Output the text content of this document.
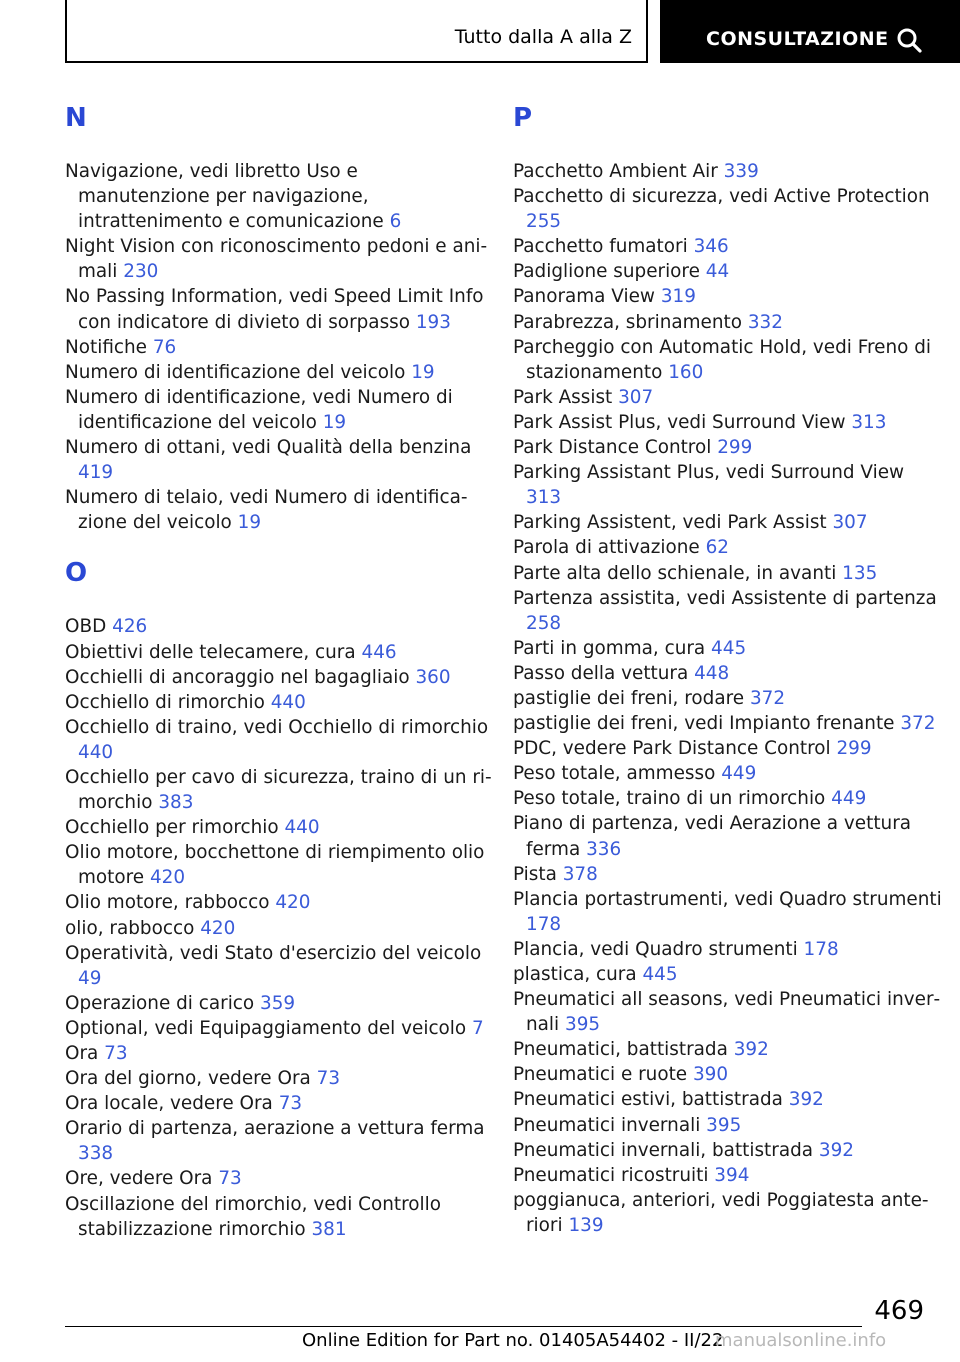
Tutto dalla A alla Z	CONSULTAZIONE
N
Navigazione, vedi libretto Uso e manutenzione per navigazione, intrattenimento e comunicazione 6
Night Vision con riconoscimento pedoni e animali 230
No Passing Information, vedi Speed Limit Info con indicatore di divieto di sorpasso 193
Notifiche 76
Numero di identificazione del veicolo 19
Numero di identificazione, vedi Numero di identificazione del veicolo 19
Numero di ottani, vedi Qualità della benzina 419
Numero di telaio, vedi Numero di identificazione del veicolo 19
O
OBD 426
Obiettivi delle telecamere, cura 446
Occhielli di ancoraggio nel bagagliaio 360
Occhiello di rimorchio 440
Occhiello di traino, vedi Occhiello di rimorchio 440
Occhiello per cavo di sicurezza, traino di un rimorchio 383
Occhiello per rimorchio 440
Olio motore, bocchettone di riempimento olio motore 420
Olio motore, rabbocco 420
olio, rabbocco 420
Operatività, vedi Stato d'esercizio del veicolo 49
Operazione di carico 359
Optional, vedi Equipaggiamento del veicolo 7
Ora 73
Ora del giorno, vedere Ora 73
Ora locale, vedere Ora 73
Orario di partenza, aerazione a vettura ferma 338
Ore, vedere Ora 73
Oscillazione del rimorchio, vedi Controllo stabilizzazione rimorchio 381
P
Pacchetto Ambient Air 339
Pacchetto di sicurezza, vedi Active Protection 255
Pacchetto fumatori 346
Padiglione superiore 44
Panorama View 319
Parabrezza, sbrinamento 332
Parcheggio con Automatic Hold, vedi Freno di stazionamento 160
Park Assist 307
Park Assist Plus, vedi Surround View 313
Park Distance Control 299
Parking Assistant Plus, vedi Surround View 313
Parking Assistent, vedi Park Assist 307
Parola di attivazione 62
Parte alta dello schienale, in avanti 135
Partenza assistita, vedi Assistente di partenza 258
Parti in gomma, cura 445
Passo della vettura 448
pastiglie dei freni, rodare 372
pastiglie dei freni, vedi Impianto frenante 372
PDC, vedere Park Distance Control 299
Peso totale, ammesso 449
Peso totale, traino di un rimorchio 449
Piano di partenza, vedi Aerazione a vettura ferma 336
Pista 378
Plancia portastrumenti, vedi Quadro strumenti 178
Plancia, vedi Quadro strumenti 178
plastica, cura 445
Pneumatici all seasons, vedi Pneumatici invernali 395
Pneumatici, battistrada 392
Pneumatici e ruote 390
Pneumatici estivi, battistrada 392
Pneumatici invernali 395
Pneumatici invernali, battistrada 392
Pneumatici ricostruiti 394
poggianuca, anteriori, vedi Poggiatesta anteriori 139
469
Online Edition for Part no. 01405A54402 - II/22
manualsonline.info
